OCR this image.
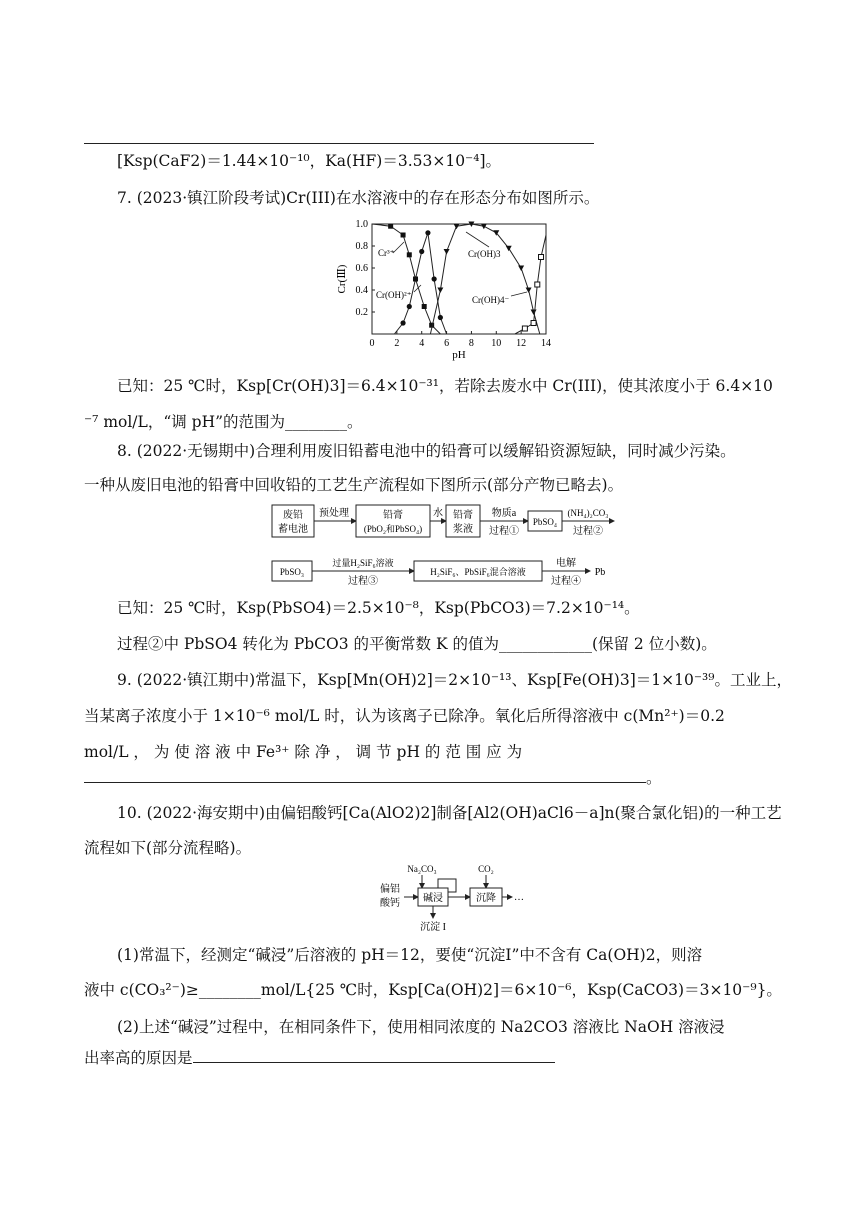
[Ksp(CaF2)＝1.44×10⁻¹⁰，Ka(HF)＝3.53×10⁻⁴]。
7. (2023·镇江阶段考试)Cr(III)在水溶液中的存在形态分布如图所示。
0 2 4 6 8 10 12 14
0.2
0.4
0.6
0.8
1.0
pH
Cr(Ⅲ)
Cr³⁺
Cr(OH)²⁺
Cr(OH)3
Cr(OH)4⁻
已知：25 ℃时，Ksp[Cr(OH)3]＝6.4×10⁻³¹，若除去废水中 Cr(III)，使其浓度小于 6.4×10
⁻⁷ mol/L，“调 pH”的范围为________。
8. (2022·无锡期中)合理利用废旧铅蓄电池中的铅膏可以缓解铅资源短缺，同时减少污染。
一种从废旧电池的铅膏中回收铅的工艺生产流程如下图所示(部分产物已略去)。
废铅
蓄电池
预处理	铅膏
(PbO₂和PbSO₄)
水 铅膏
浆液
物质a
过程①
PbSO₄
(NH₄)₂CO₃
过程②
PbSO₃
过量H₂SiF₆溶液
过程③
H₂SiF₆、PbSiF₆混合溶液
电解
过程④
Pb
已知：25 ℃时，Ksp(PbSO4)＝2.5×10⁻⁸，Ksp(PbCO3)＝7.2×10⁻¹⁴。
过程②中 PbSO4 转化为 PbCO3 的平衡常数 K 的值为____________(保留 2 位小数)。
9. (2022·镇江期中)常温下，Ksp[Mn(OH)2]＝2×10⁻¹³、Ksp[Fe(OH)3]＝1×10⁻³⁹。工业上，
当某离子浓度小于 1×10⁻⁶ mol/L 时，认为该离子已除净。氧化后所得溶液中 c(Mn²⁺)＝0.2
mol/L ， 为 使 溶 液 中 Fe³⁺ 除 净 ， 调 节 pH 的 范 围 应 为
。
10. (2022·海安期中)由偏铝酸钙[Ca(AlO2)2]制备[Al2(OH)aCl6－a]n(聚合氯化铝)的一种工艺
流程如下(部分流程略)。
Na₂CO₃	CO₂
偏铝
酸钙 碱浸	沉降 …
沉淀 I
(1)常温下，经测定“碱浸”后溶液的 pH＝12，要使“沉淀Ⅰ”中不含有 Ca(OH)2，则溶
液中 c(CO₃²⁻)≥________mol/L{25 ℃时，Ksp[Ca(OH)2]＝6×10⁻⁶，Ksp(CaCO3)＝3×10⁻⁹}。
(2)上述“碱浸”过程中，在相同条件下，使用相同浓度的 Na2CO3 溶液比 NaOH 溶液浸
出率高的原因是
